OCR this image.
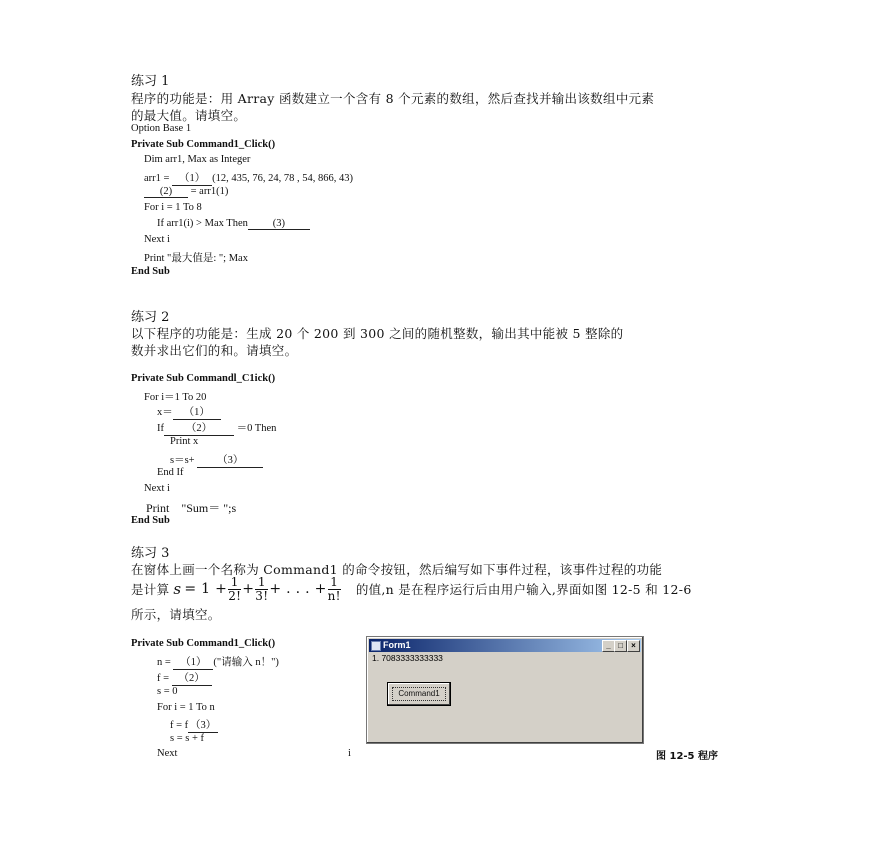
练习 1
程序的功能是：用 Array 函数建立一个含有 8 个元素的数组，然后查找并输出该数组中元素
的最大值。请填空。
Option Base 1
Private Sub Command1_Click()
Dim arr1, Max as Integer
arr1 = （1） (12, 435, 76, 24, 78 , 54, 866, 43)
(2) = arr1(1)
For i = 1 To 8
If arr1(i) > Max Then (3)
Next i
Print "最大值是: "; Max
End Sub
练习 2
以下程序的功能是：生成 20 个 200 到 300 之间的随机整数，输出其中能被 5 整除的
数并求出它们的和。请填空。
Private Sub Commandl_C1ick()
For i＝1 To 20
x＝ （1）
If （2） ＝0 Then
Print x
s＝s+ （3）
End If
Next i
Print　"Sum＝ ";s
End Sub
练习 3
在窗体上画一个名称为 Command1 的命令按钮，然后编写如下事件过程，该事件过程的功能
是计算 $s = 1 + \frac{1}{2!} + \frac{1}{3!}$ + . . . + $\frac{1}{n!}$ 的值,n 是在程序运行后由用户输入,界面如图 12-5 和 12-6
所示，请填空。
Private Sub Command1_Click()
n = （1） ("请输入 n！")
f = （2）
s = 0
For i = 1 To n
f = f （3）
s = s + f
Next	i	图 12-5 程序
Form1	_ □	×
1. 7083333333333
Command1
